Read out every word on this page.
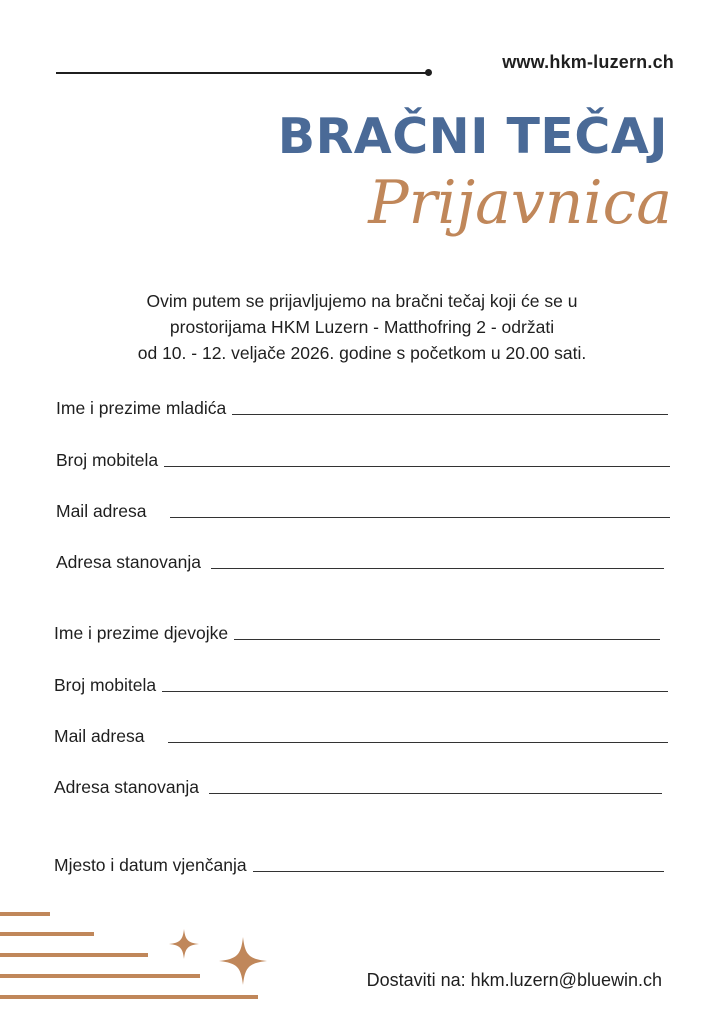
www.hkm-luzern.ch
BRAČNI TEČAJ
Prijavnica
Ovim putem se prijavljujemo na bračni tečaj koji će se u
prostorijama HKM Luzern - Matthofring 2 - održati
od 10. - 12. veljače 2026. godine s početkom u 20.00 sati.
Ime i prezime mladića
Broj mobitela
Mail adresa
Adresa stanovanja
Ime i prezime djevojke
Broj mobitela
Mail adresa
Adresa stanovanja
Mjesto i datum vjenčanja
Dostaviti na: hkm.luzern@bluewin.ch
